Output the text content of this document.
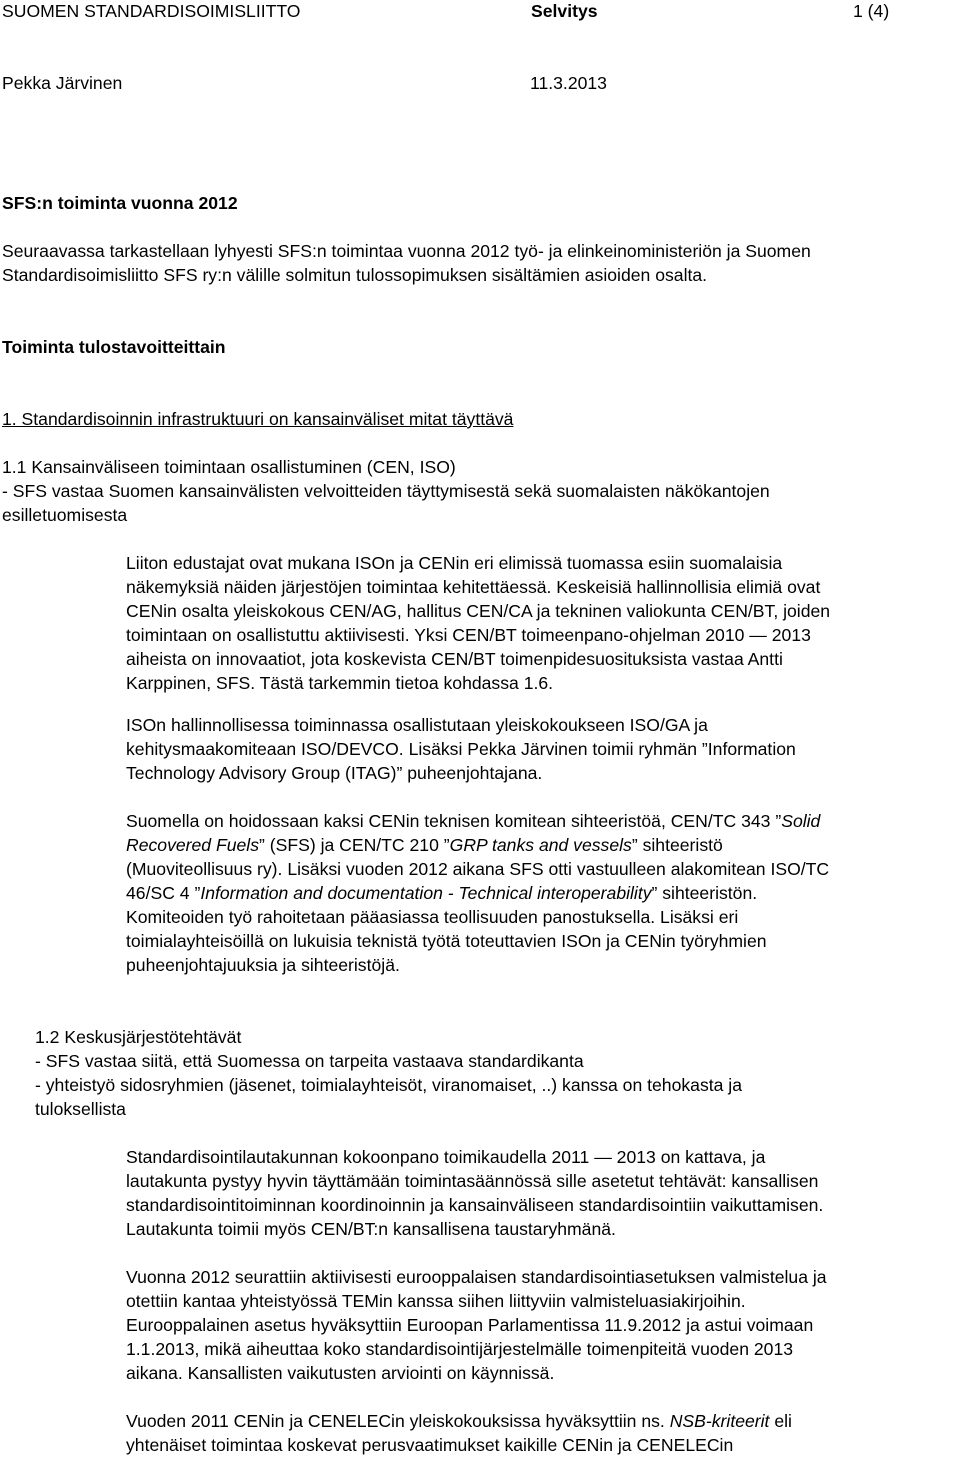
SUOMEN STANDARDISOIMISLIITTO	Selvitys	1 (4)
Pekka Järvinen	11.3.2013
SFS:n toiminta vuonna 2012
Seuraavassa tarkastellaan lyhyesti SFS:n toimintaa vuonna 2012 työ- ja elinkeinoministeriön ja Suomen
Standardisoimisliitto SFS ry:n välille solmitun tulossopimuksen sisältämien asioiden osalta.
Toiminta tulostavoitteittain
1. Standardisoinnin infrastruktuuri on kansainväliset mitat täyttävä
1.1 Kansainväliseen toimintaan osallistuminen (CEN, ISO)
- SFS vastaa Suomen kansainvälisten velvoitteiden täyttymisestä sekä suomalaisten näkökantojen
esilletuomisesta
Liiton edustajat ovat mukana ISOn ja CENin eri elimissä tuomassa esiin suomalaisia
näkemyksiä näiden järjestöjen toimintaa kehitettäessä. Keskeisiä hallinnollisia elimiä ovat
CENin osalta yleiskokous CEN/AG, hallitus CEN/CA ja tekninen valiokunta CEN/BT, joiden
toimintaan on osallistuttu aktiivisesti. Yksi CEN/BT toimeenpano-ohjelman 2010 — 2013
aiheista on innovaatiot, jota koskevista CEN/BT toimenpidesuosituksista vastaa Antti
Karppinen, SFS. Tästä tarkemmin tietoa kohdassa 1.6.
ISOn hallinnollisessa toiminnassa osallistutaan yleiskokoukseen ISO/GA ja
kehitysmaakomiteaan ISO/DEVCO. Lisäksi Pekka Järvinen toimii ryhmän ”Information
Technology Advisory Group (ITAG)” puheenjohtajana.
Suomella on hoidossaan kaksi CENin teknisen komitean sihteeristöä, CEN/TC 343 ”Solid
Recovered Fuels” (SFS) ja CEN/TC 210 ”GRP tanks and vessels” sihteeristö
(Muoviteollisuus ry). Lisäksi vuoden 2012 aikana SFS otti vastuulleen alakomitean ISO/TC
46/SC 4 ”Information and documentation - Technical interoperability” sihteeristön.
Komiteoiden työ rahoitetaan pääasiassa teollisuuden panostuksella. Lisäksi eri
toimialayhteisöillä on lukuisia teknistä työtä toteuttavien ISOn ja CENin työryhmien
puheenjohtajuuksia ja sihteeristöjä.
1.2 Keskusjärjestötehtävät
- SFS vastaa siitä, että Suomessa on tarpeita vastaava standardikanta
- yhteistyö sidosryhmien (jäsenet, toimialayhteisöt, viranomaiset, ..) kanssa on tehokasta ja
tuloksellista
Standardisointilautakunnan kokoonpano toimikaudella 2011 — 2013 on kattava, ja
lautakunta pystyy hyvin täyttämään toimintasäännössä sille asetetut tehtävät: kansallisen
standardisointitoiminnan koordinoinnin ja kansainväliseen standardisointiin vaikuttamisen.
Lautakunta toimii myös CEN/BT:n kansallisena taustaryhmänä.
Vuonna 2012 seurattiin aktiivisesti eurooppalaisen standardisointiasetuksen valmistelua ja
otettiin kantaa yhteistyössä TEMin kanssa siihen liittyviin valmisteluasiakirjoihin.
Eurooppalainen asetus hyväksyttiin Euroopan Parlamentissa 11.9.2012 ja astui voimaan
1.1.2013, mikä aiheuttaa koko standardisointijärjestelmälle toimenpiteitä vuoden 2013
aikana. Kansallisten vaikutusten arviointi on käynnissä.
Vuoden 2011 CENin ja CENELECin yleiskokouksissa hyväksyttiin ns. NSB-kriteerit eli
yhtenäiset toimintaa koskevat perusvaatimukset kaikille CENin ja CENELECin
